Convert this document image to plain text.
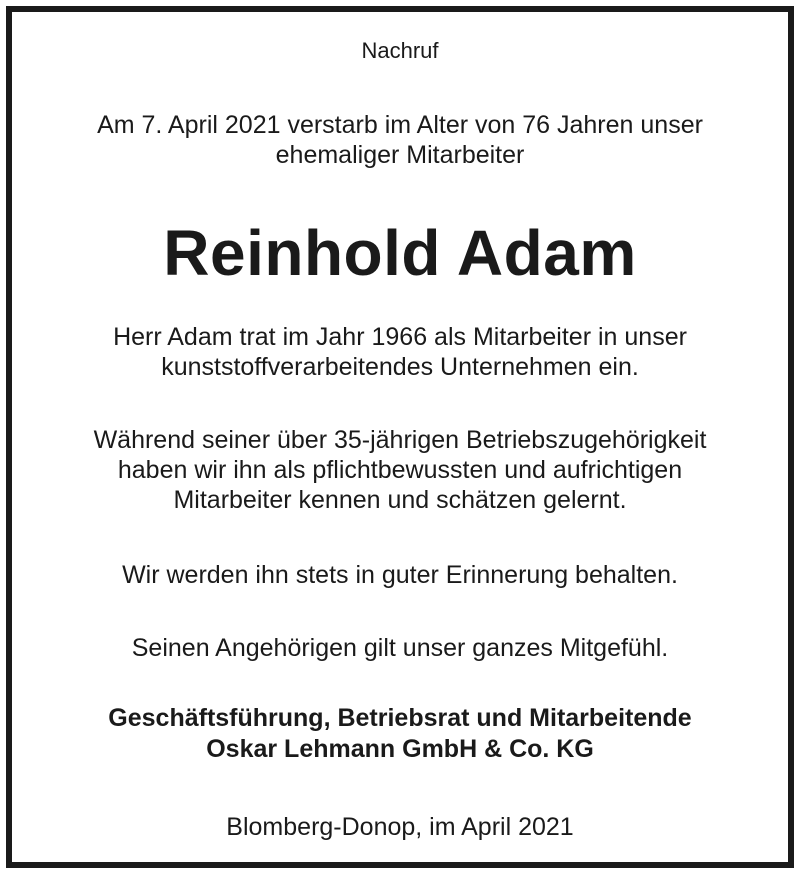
Nachruf
Am 7. April 2021 verstarb im Alter von 76 Jahren unser
ehemaliger Mitarbeiter
Reinhold Adam
Herr Adam trat im Jahr 1966 als Mitarbeiter in unser
kunststoffverarbeitendes Unternehmen ein.
Während seiner über 35-jährigen Betriebszugehörigkeit
haben wir ihn als pflichtbewussten und aufrichtigen
Mitarbeiter kennen und schätzen gelernt.
Wir werden ihn stets in guter Erinnerung behalten.
Seinen Angehörigen gilt unser ganzes Mitgefühl.
Geschäftsführung, Betriebsrat und Mitarbeitende
Oskar Lehmann GmbH & Co. KG
Blomberg-Donop, im April 2021
